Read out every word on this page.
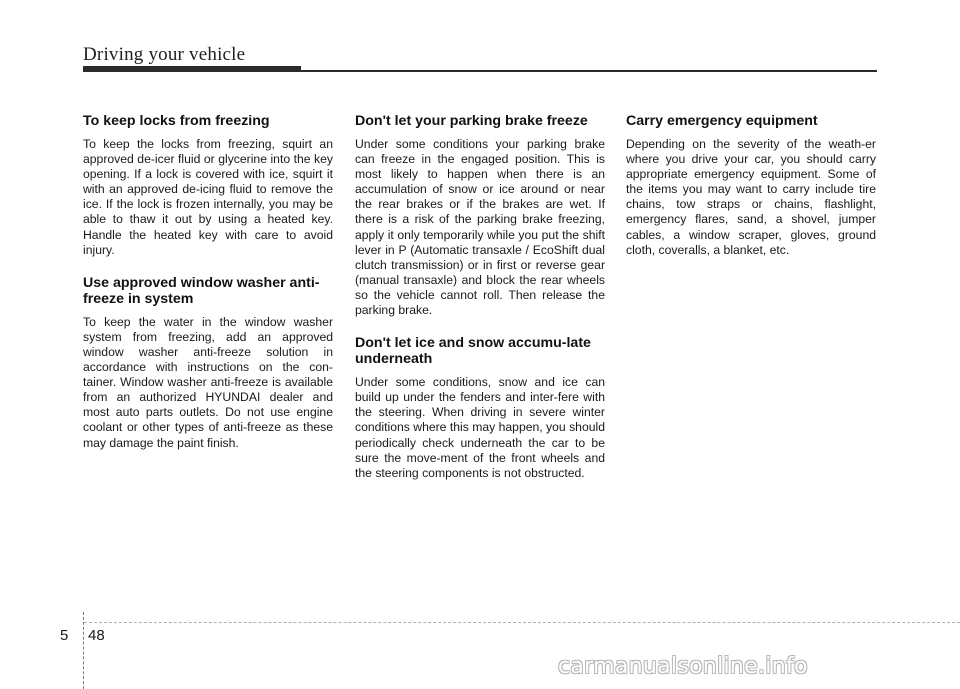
Driving your vehicle
To keep locks from freezing

To keep the locks from freezing, squirt an approved de-icer fluid or glycerine into the key opening. If a lock is covered with ice, squirt it with an approved de-icing fluid to remove the ice. If the lock is frozen internally, you may be able to thaw it out by using a heated key. Handle the heated key with care to avoid injury.

Use approved window washer anti-freeze in system

To keep the water in the window washer system from freezing, add an approved window washer anti-freeze solution in accordance with instructions on the con-tainer. Window washer anti-freeze is available from an authorized HYUNDAI dealer and most auto parts outlets. Do not use engine coolant or other types of anti-freeze as these may damage the paint finish.

Don't let your parking brake freeze

Under some conditions your parking brake can freeze in the engaged position. This is most likely to happen when there is an accumulation of snow or ice around or near the rear brakes or if the brakes are wet. If there is a risk of the parking brake freezing, apply it only temporarily while you put the shift lever in P (Automatic transaxle / EcoShift dual clutch transmission) or in first or reverse gear (manual transaxle) and block the rear wheels so the vehicle cannot roll. Then release the parking brake.

Don't let ice and snow accumu-late underneath

Under some conditions, snow and ice can build up under the fenders and inter-fere with the steering. When driving in severe winter conditions where this may happen, you should periodically check underneath the car to be sure the move-ment of the front wheels and the steering components is not obstructed.

Carry emergency equipment

Depending on the severity of the weath-er where you drive your car, you should carry appropriate emergency equipment. Some of the items you may want to carry include tire chains, tow straps or chains, flashlight, emergency flares, sand, a shovel, jumper cables, a window scraper, gloves, ground cloth, coveralls, a blanket, etc.

5 48
carmanualsonline.info
